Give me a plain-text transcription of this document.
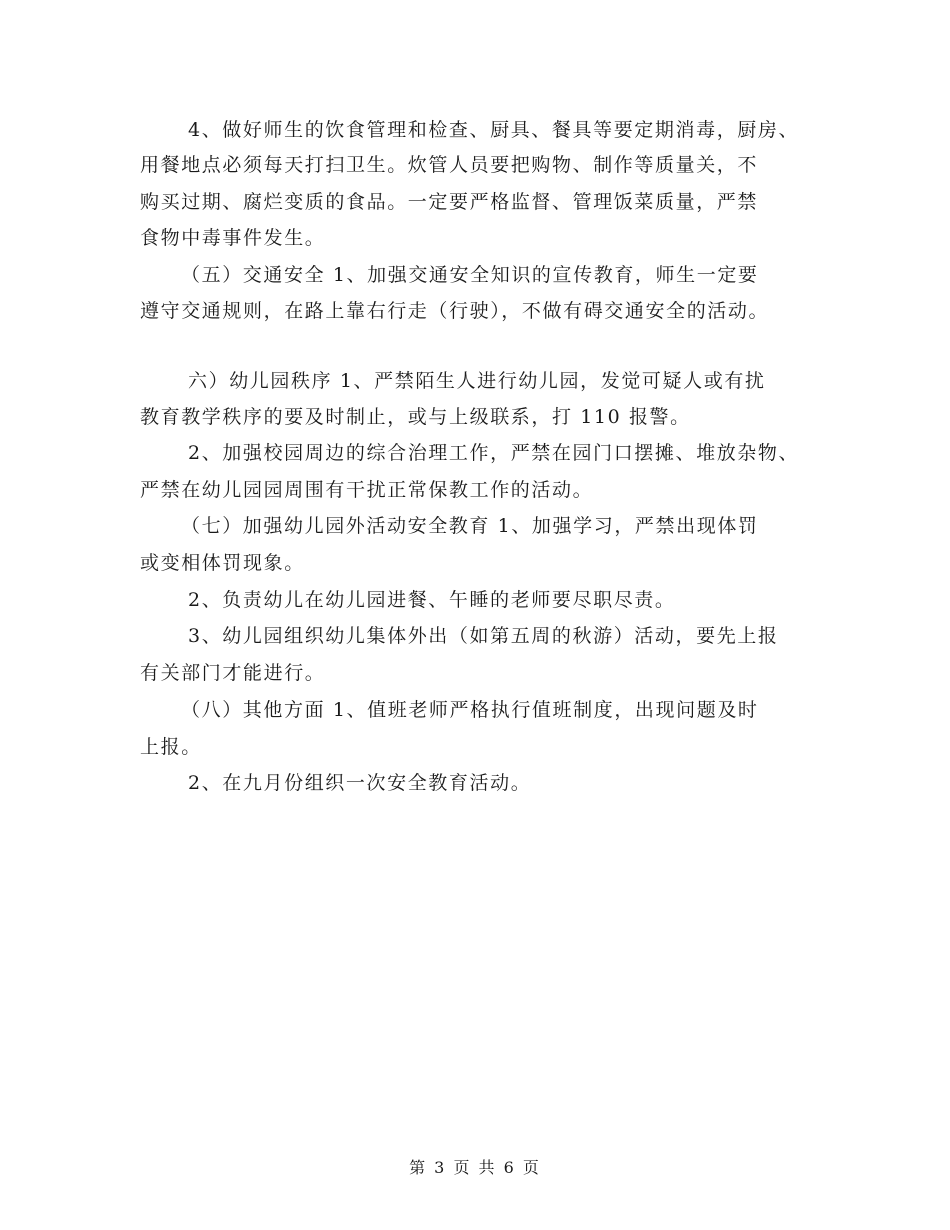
4、做好师生的饮食管理和检查、厨具、餐具等要定期消毒，厨房、
用餐地点必须每天打扫卫生。炊管人员要把购物、制作等质量关，不
购买过期、腐烂变质的食品。一定要严格监督、管理饭菜质量，严禁
食物中毒事件发生。
（五）交通安全 1、加强交通安全知识的宣传教育，师生一定要
遵守交通规则，在路上靠右行走（行驶），不做有碍交通安全的活动。
六）幼儿园秩序 1、严禁陌生人进行幼儿园，发觉可疑人或有扰
教育教学秩序的要及时制止，或与上级联系，打 110 报警。
2、加强校园周边的综合治理工作，严禁在园门口摆摊、堆放杂物、
严禁在幼儿园园周围有干扰正常保教工作的活动。
（七）加强幼儿园外活动安全教育 1、加强学习，严禁出现体罚
或变相体罚现象。
2、负责幼儿在幼儿园进餐、午睡的老师要尽职尽责。
3、幼儿园组织幼儿集体外出（如第五周的秋游）活动，要先上报
有关部门才能进行。
（八）其他方面 1、值班老师严格执行值班制度，出现问题及时
上报。
2、在九月份组织一次安全教育活动。
第 3 页 共 6 页
